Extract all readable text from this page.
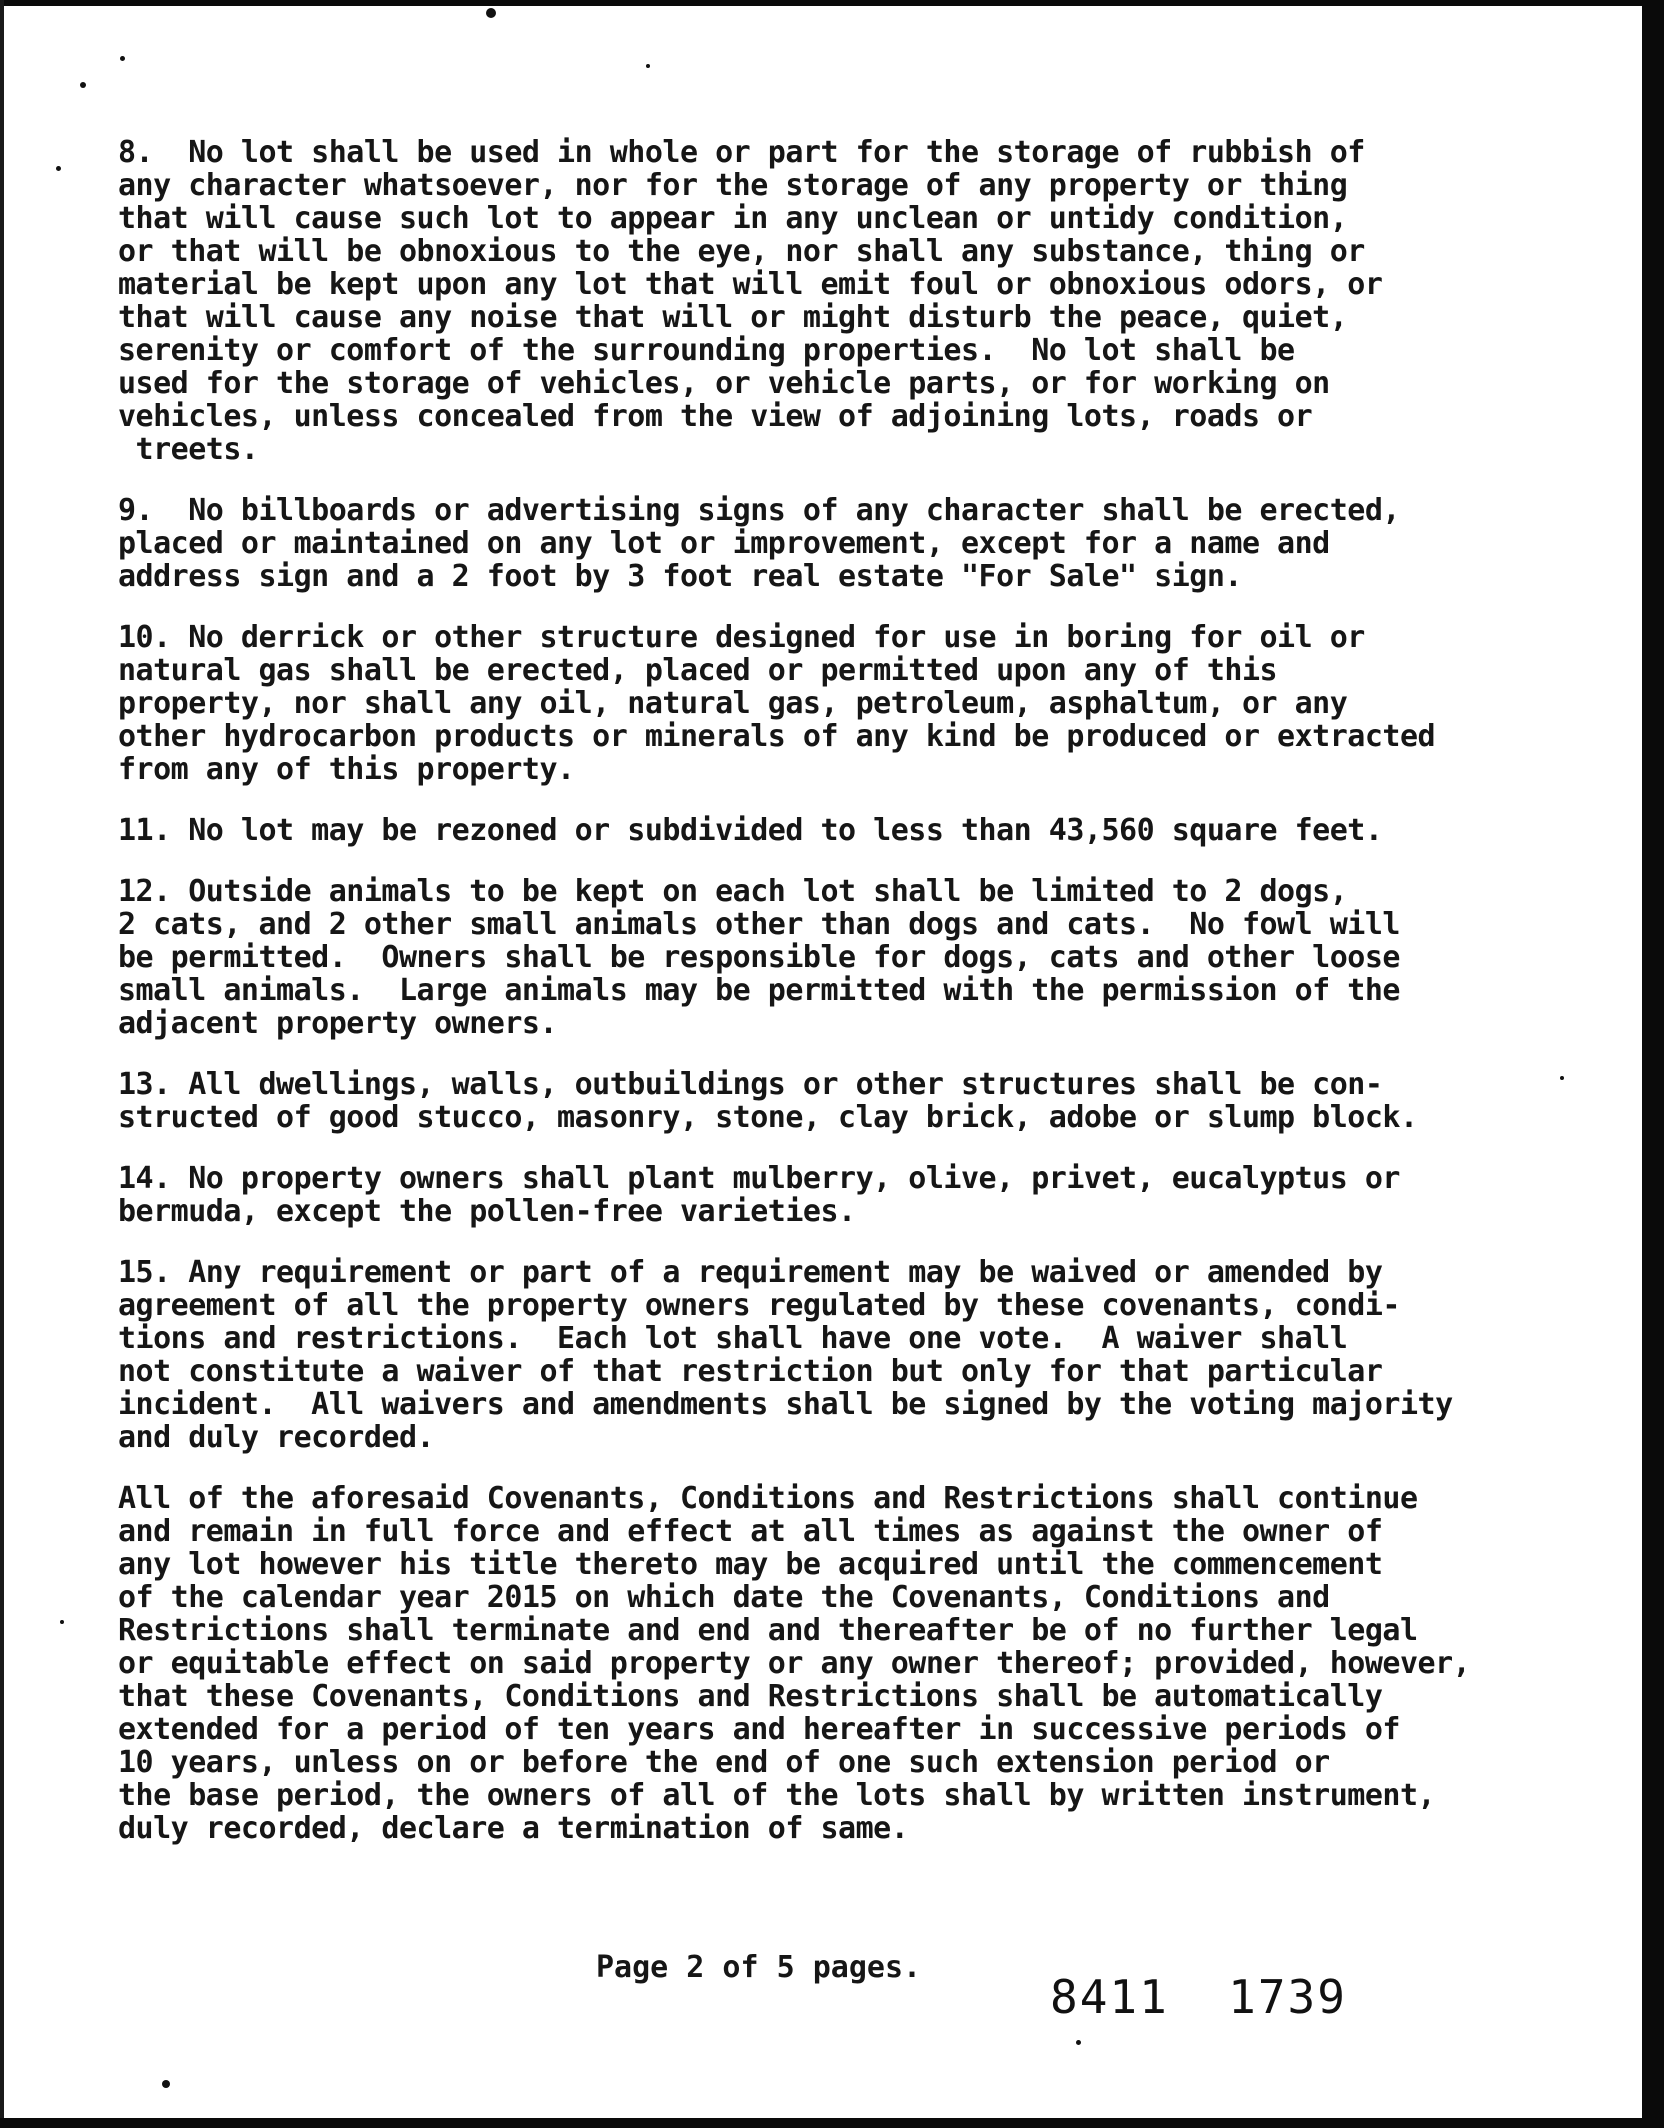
8.  No lot shall be used in whole or part for the storage of rubbish of
any character whatsoever, nor for the storage of any property or thing
that will cause such lot to appear in any unclean or untidy condition,
or that will be obnoxious to the eye, nor shall any substance, thing or
material be kept upon any lot that will emit foul or obnoxious odors, or
that will cause any noise that will or might disturb the peace, quiet,
serenity or comfort of the surrounding properties.  No lot shall be
used for the storage of vehicles, or vehicle parts, or for working on
vehicles, unless concealed from the view of adjoining lots, roads or
treets.
9.  No billboards or advertising signs of any character shall be erected,
placed or maintained on any lot or improvement, except for a name and
address sign and a 2 foot by 3 foot real estate "For Sale" sign.
10. No derrick or other structure designed for use in boring for oil or
natural gas shall be erected, placed or permitted upon any of this
property, nor shall any oil, natural gas, petroleum, asphaltum, or any
other hydrocarbon products or minerals of any kind be produced or extracted
from any of this property.
11. No lot may be rezoned or subdivided to less than 43,560 square feet.
12. Outside animals to be kept on each lot shall be limited to 2 dogs,
2 cats, and 2 other small animals other than dogs and cats.  No fowl will
be permitted.  Owners shall be responsible for dogs, cats and other loose
small animals.  Large animals may be permitted with the permission of the
adjacent property owners.
13. All dwellings, walls, outbuildings or other structures shall be con-
structed of good stucco, masonry, stone, clay brick, adobe or slump block.
14. No property owners shall plant mulberry, olive, privet, eucalyptus or
bermuda, except the pollen-free varieties.
15. Any requirement or part of a requirement may be waived or amended by
agreement of all the property owners regulated by these covenants, condi-
tions and restrictions.  Each lot shall have one vote.  A waiver shall
not constitute a waiver of that restriction but only for that particular
incident.  All waivers and amendments shall be signed by the voting majority
and duly recorded.
All of the aforesaid Covenants, Conditions and Restrictions shall continue
and remain in full force and effect at all times as against the owner of
any lot however his title thereto may be acquired until the commencement
of the calendar year 2015 on which date the Covenants, Conditions and
Restrictions shall terminate and end and thereafter be of no further legal
or equitable effect on said property or any owner thereof; provided, however,
that these Covenants, Conditions and Restrictions shall be automatically
extended for a period of ten years and hereafter in successive periods of
10 years, unless on or before the end of one such extension period or
the base period, the owners of all of the lots shall by written instrument,
duly recorded, declare a termination of same.
Page 2 of 5 pages.
8411  1739
